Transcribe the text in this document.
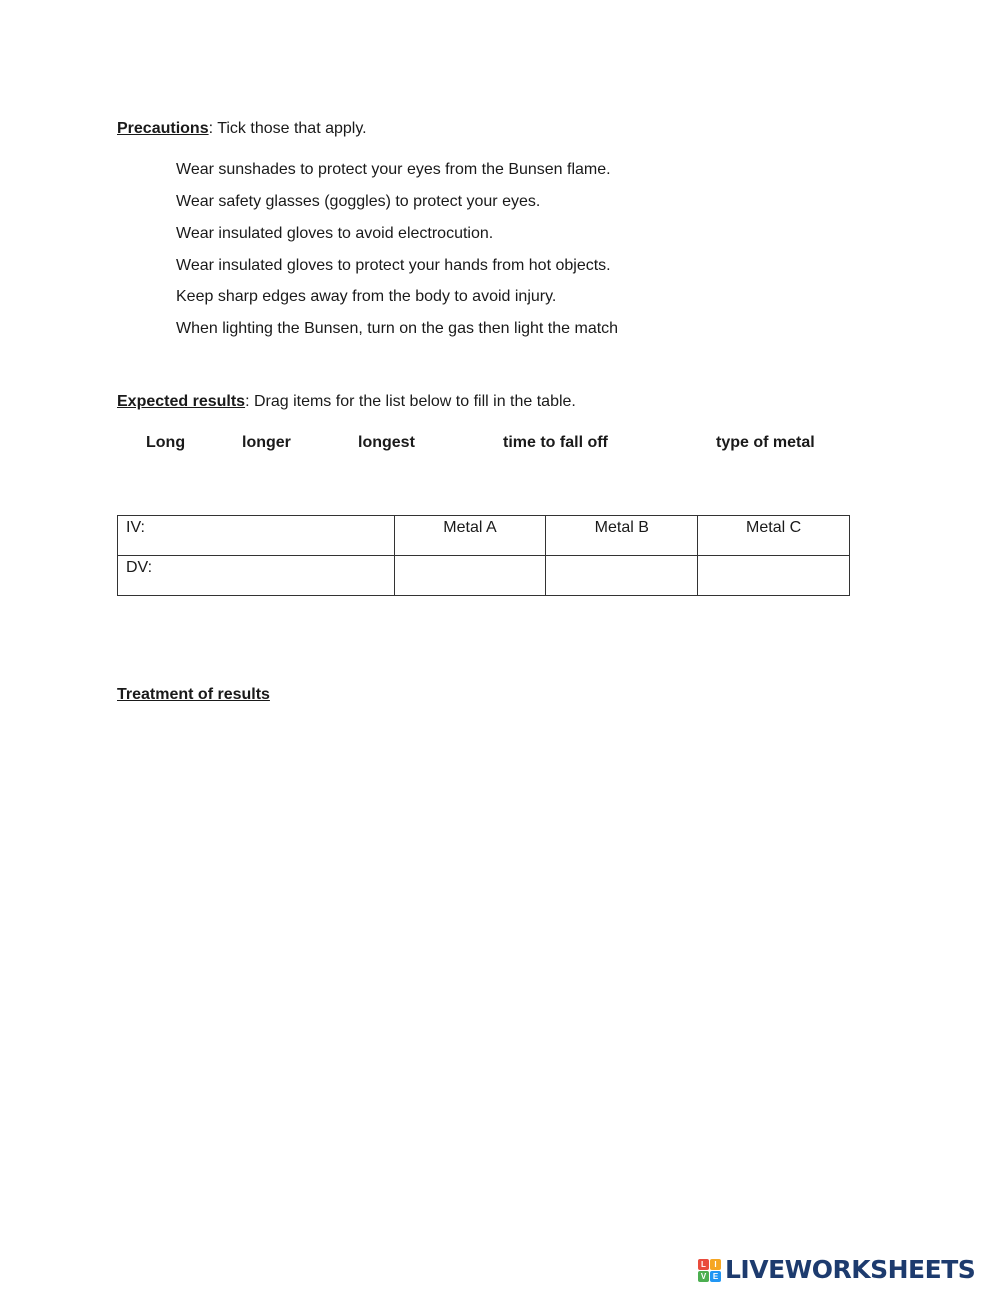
Precautions: Tick those that apply.
Wear sunshades to protect your eyes from the Bunsen flame.
Wear safety glasses (goggles) to protect your eyes.
Wear insulated gloves to avoid electrocution.
Wear insulated gloves to protect your hands from hot objects.
Keep sharp edges away from the body to avoid injury.
When lighting the Bunsen, turn on the gas then light the match
Expected results: Drag items for the list below to fill in the table.
Long	longer	longest	time to fall off	type of metal
IV:	Metal A	Metal B	Metal C
DV:			
Treatment of results
L	I
V E LIVEWORKSHEETS
